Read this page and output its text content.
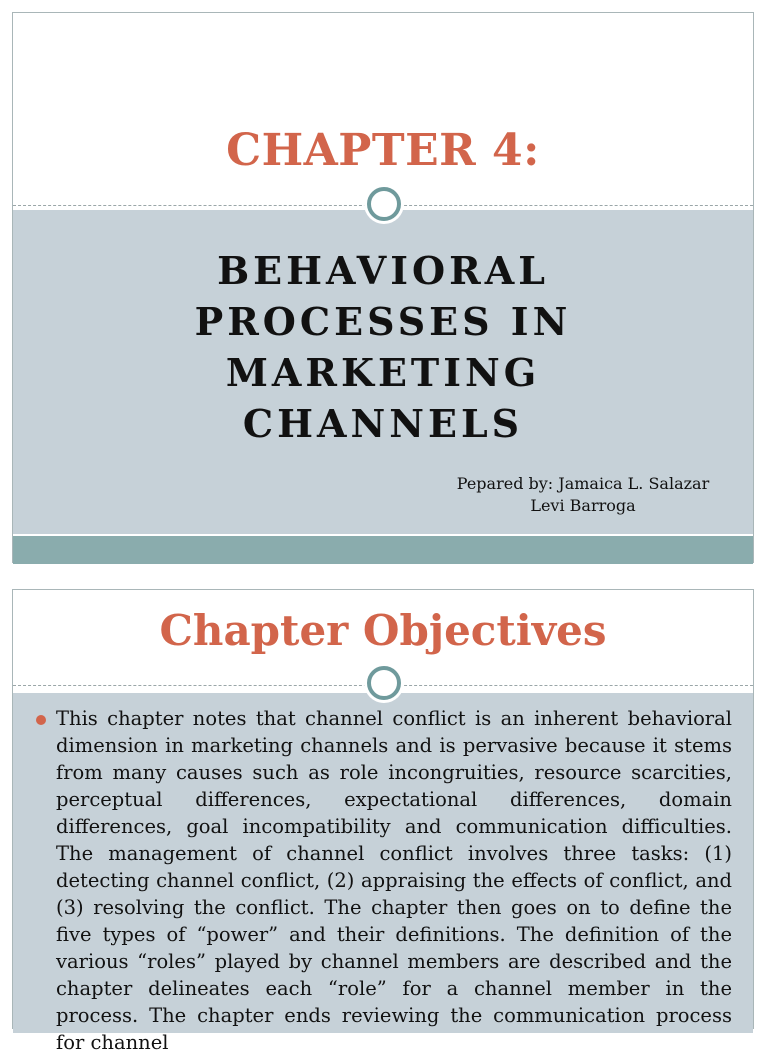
CHAPTER 4:
BEHAVIORAL
PROCESSES IN
MARKETING
CHANNELS
Pepared by: Jamaica L. Salazar
Levi Barroga
Chapter Objectives

This chapter notes that channel conflict is an inherent behavioral dimension in marketing channels and is pervasive because it stems from many causes such as role incongruities, resource scarcities, perceptual differences, expectational differences, domain differences, goal incompatibility and communication difficulties. The management of channel conflict involves three tasks: (1) detecting channel conflict, (2) appraising the effects of conflict, and (3) resolving the conflict. The chapter then goes on to define the five types of “power” and their definitions. The definition of the various “roles” played by channel members are described and the chapter delineates each “role” for a channel member in the process. The chapter ends reviewing the communication process for channel
